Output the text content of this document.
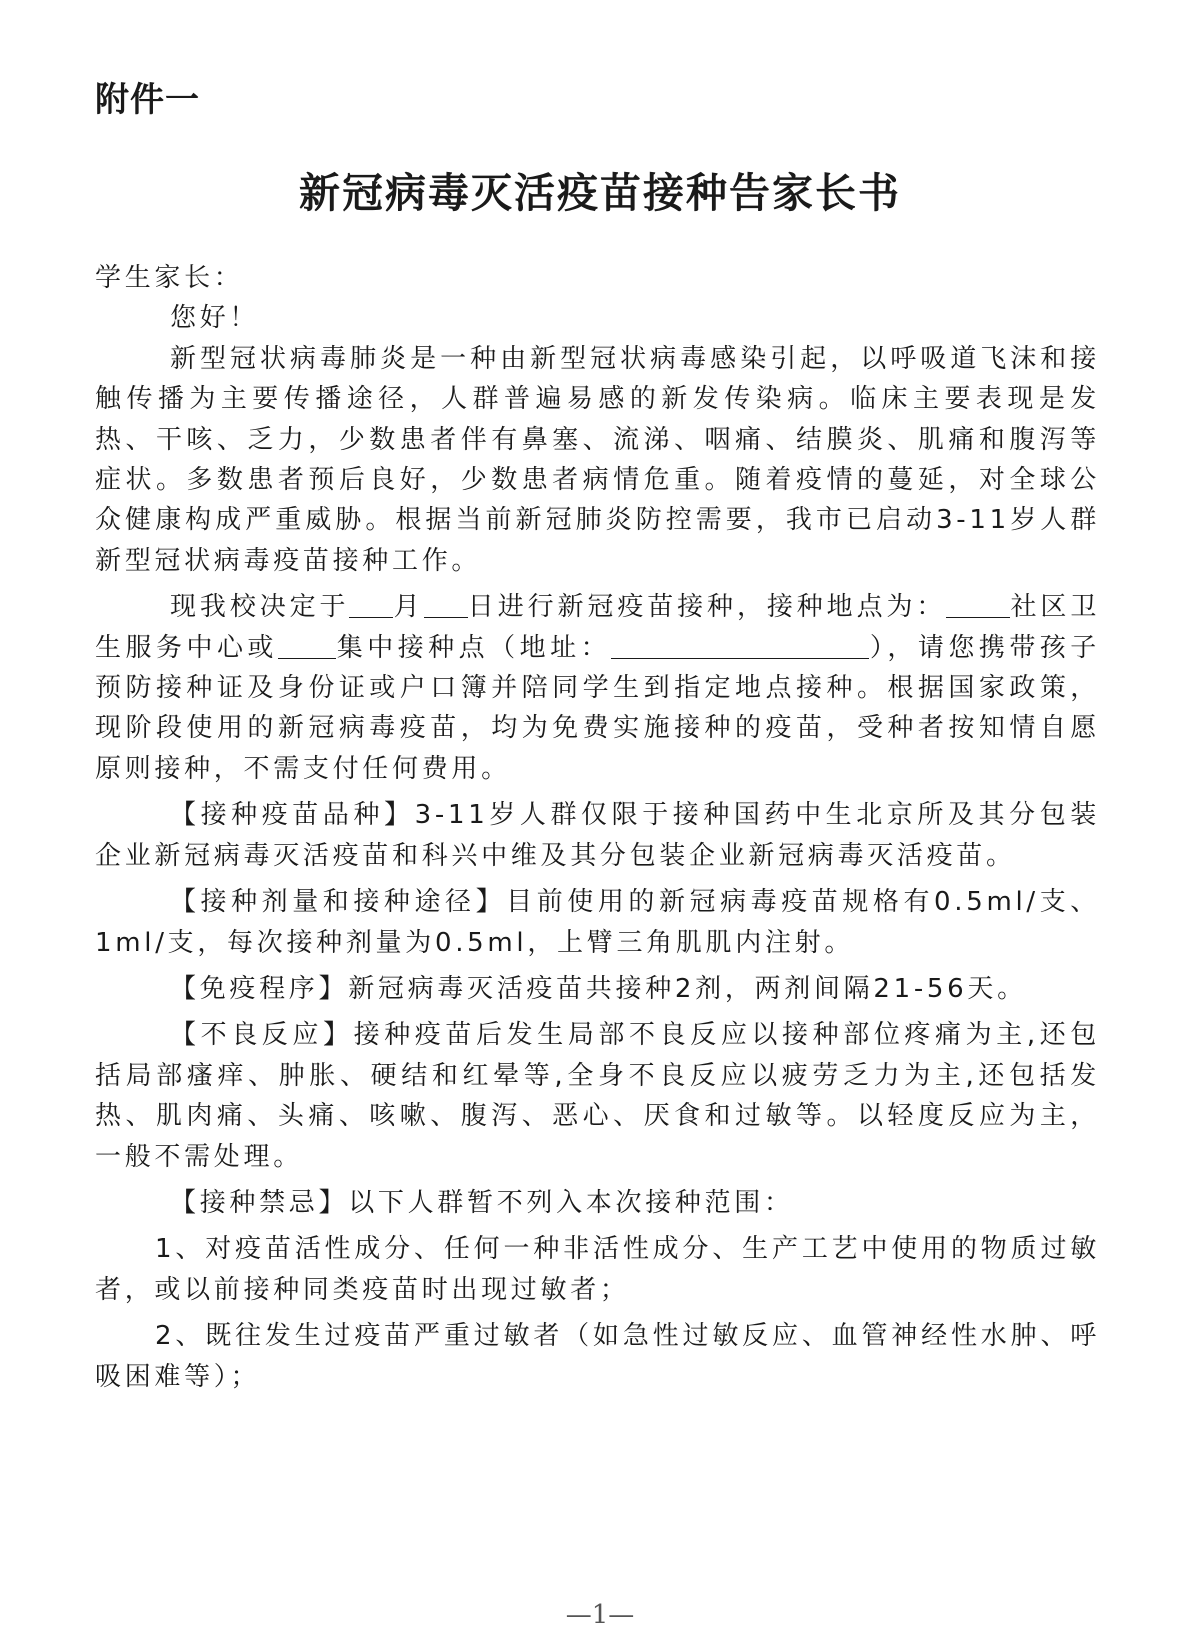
附件一
新冠病毒灭活疫苗接种告家长书

学生家长：

您好！

新型冠状病毒肺炎是一种由新型冠状病毒感染引起，以呼吸道飞沫和接触传播为主要传播途径，人群普遍易感的新发传染病。临床主要表现是发热、干咳、乏力，少数患者伴有鼻塞、流涕、咽痛、结膜炎、肌痛和腹泻等症状。多数患者预后良好，少数患者病情危重。随着疫情的蔓延，对全球公众健康构成严重威胁。根据当前新冠肺炎防控需要，我市已启动3-11岁人群新型冠状病毒疫苗接种工作。

现我校决定于 月 日进行新冠疫苗接种，接种地点为： 社区卫生服务中心或 集中接种点（地址：	），请您携带孩子预防接种证及身份证或户口簿并陪同学生到指定地点接种。根据国家政策，现阶段使用的新冠病毒疫苗，均为免费实施接种的疫苗，受种者按知情自愿原则接种，不需支付任何费用。

【接种疫苗品种】3-11岁人群仅限于接种国药中生北京所及其分包装企业新冠病毒灭活疫苗和科兴中维及其分包装企业新冠病毒灭活疫苗。

【接种剂量和接种途径】目前使用的新冠病毒疫苗规格有0.5ml/支、1ml/支，每次接种剂量为0.5ml，上臂三角肌肌内注射。

【免疫程序】新冠病毒灭活疫苗共接种2剂，两剂间隔21-56天。

【不良反应】接种疫苗后发生局部不良反应以接种部位疼痛为主,还包括局部瘙痒、肿胀、硬结和红晕等,全身不良反应以疲劳乏力为主,还包括发热、肌肉痛、头痛、咳嗽、腹泻、恶心、厌食和过敏等。以轻度反应为主，一般不需处理。

【接种禁忌】以下人群暂不列入本次接种范围：

1、对疫苗活性成分、任何一种非活性成分、生产工艺中使用的物质过敏者，或以前接种同类疫苗时出现过敏者；

2、既往发生过疫苗严重过敏者（如急性过敏反应、血管神经性水肿、呼吸困难等）；

—1—
